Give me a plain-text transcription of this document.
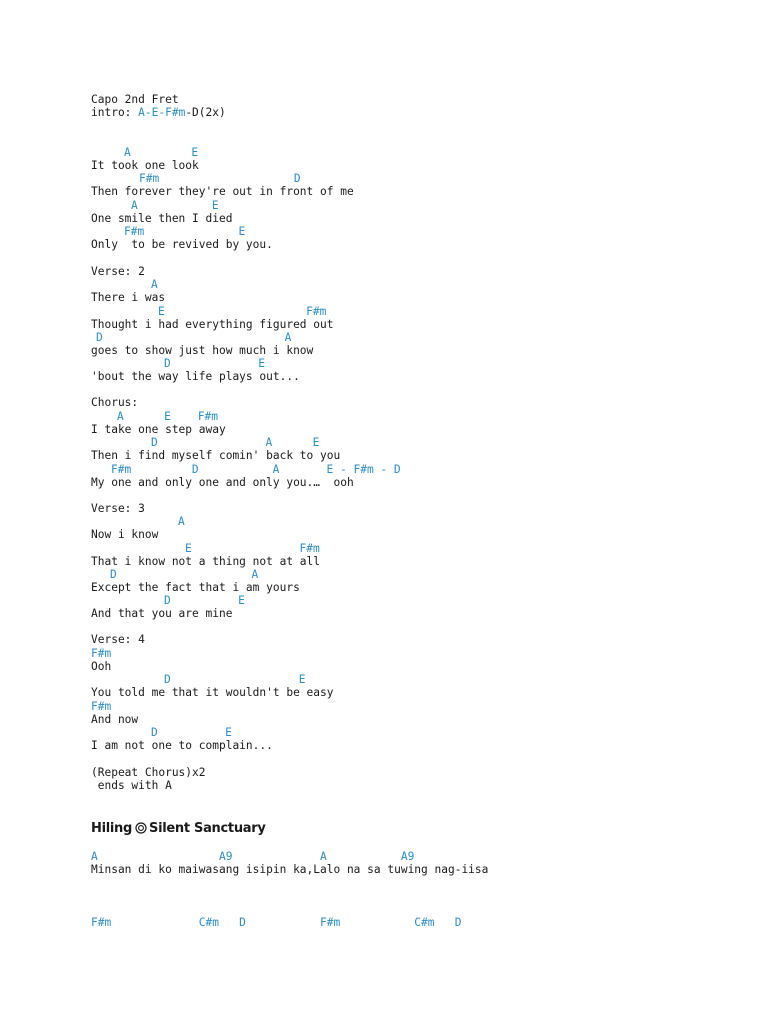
Capo 2nd Fret
intro: A-E-F#m-D(2x)
A         E
It took one look
F#m                    D
Then forever they're out in front of me
A           E
One smile then I died
F#m              E
Only  to be revived by you.
Verse: 2
A
There i was
E                     F#m
Thought i had everything figured out
D                           A
goes to show just how much i know
D             E
'bout the way life plays out...
Chorus:
A      E    F#m
I take one step away
D                A      E
Then i find myself comin' back to you
F#m         D           A       E - F#m - D
My one and only one and only you.…  ooh
Verse: 3
A
Now i know
E                F#m
That i know not a thing not at all
D                    A
Except the fact that i am yours
D          E
And that you are mine
Verse: 4
F#m
Ooh
D                   E
You told me that it wouldn't be easy
F#m
And now
D          E
I am not one to complain...
(Repeat Chorus)x2
ends with A
Hiling Silent Sanctuary
A                  A9             A           A9
Minsan di ko maiwasang isipin ka,Lalo na sa tuwing nag-iisa
F#m             C#m   D           F#m           C#m   D
